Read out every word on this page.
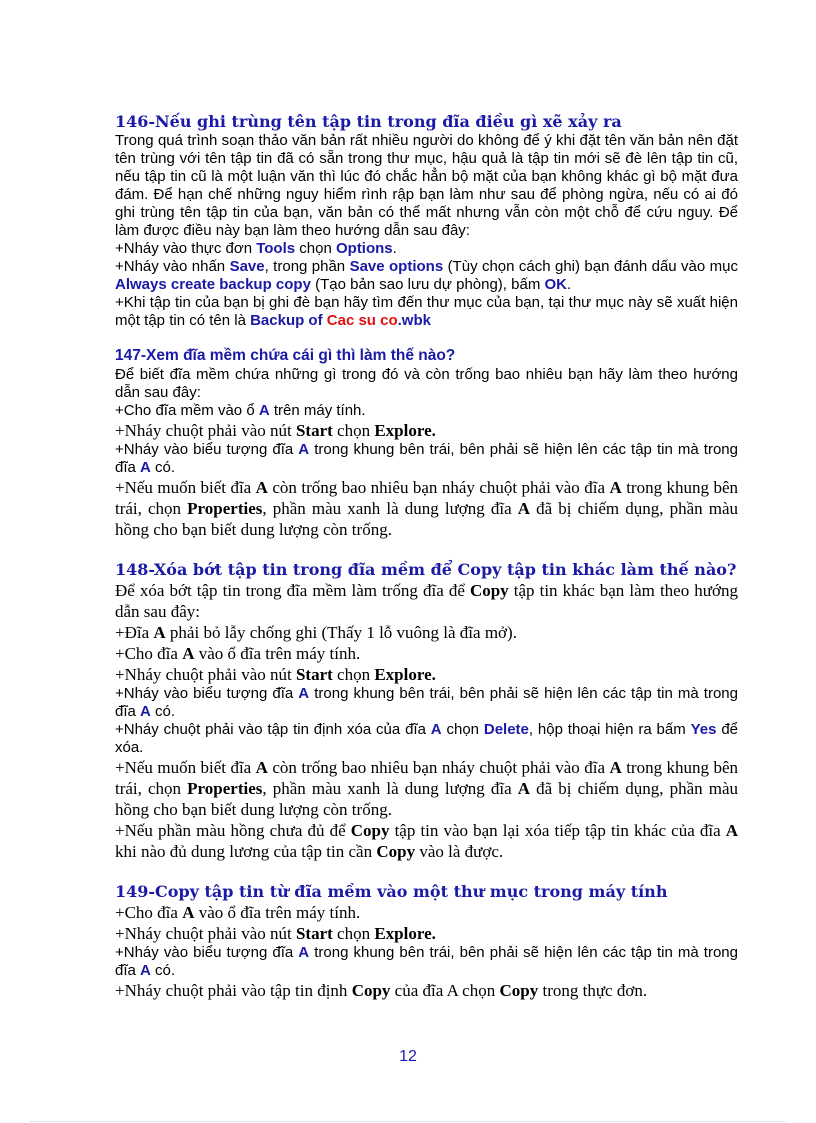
146-Nếu ghi trùng tên tập tin trong đĩa điều gì xẽ xảy ra

Trong quá trình soạn thảo văn bản rất nhiều người do không để ý khi đặt tên văn bản nên đặt tên trùng với tên tập tin đã có sẵn trong thư mục, hậu quả là tập tin mới sẽ đè lên tập tin cũ, nếu tập tin cũ là một luận văn thì lúc đó chắc hẳn bộ mặt của bạn không khác gì bộ mặt đưa đám. Để hạn chế những nguy hiểm rình rập bạn làm như sau để phòng ngừa, nếu có ai đó ghi trùng tên tập tin của bạn, văn bản có thể mất nhưng vẫn còn một chỗ để cứu nguy. Để làm được điều này bạn làm theo hướng dẫn sau đây:

+Nháy vào thực đơn Tools chọn Options.

+Nháy vào nhấn Save, trong phần Save options (Tùy chọn cách ghi) bạn đánh dấu vào mục Always create backup copy (Tạo bản sao lưu dự phòng), bấm OK.

+Khi tập tin của bạn bị ghi đè bạn hãy tìm đến thư mục của bạn, tại thư mục này sẽ xuất hiện một tập tin có tên là Backup of Cac su co.wbk

147-Xem đĩa mềm chứa cái gì thì làm thế nào?

Để biết đĩa mềm chứa những gì trong đó và còn trống bao nhiêu bạn hãy làm theo hướng dẫn sau đây:

+Cho đĩa mềm vào ổ A trên máy tính.

+Nháy chuột phải vào nút Start chọn Explore.

+Nháy vào biểu tượng đĩa A trong khung bên trái, bên phải sẽ hiện lên các tập tin mà trong đĩa A có.

+Nếu muốn biết đĩa A còn trống bao nhiêu bạn nháy chuột phải vào đĩa A trong khung bên trái, chọn Properties, phần màu xanh là dung lượng đĩa A đã bị chiếm dụng, phần màu hồng cho bạn biết dung lượng còn trống.

148-Xóa bớt tập tin trong đĩa mềm để Copy tập tin khác làm thế nào?

Để xóa bớt tập tin trong đĩa mềm làm trống đĩa để Copy tập tin khác bạn làm theo hướng dẫn sau đây:

+Đĩa A phải bỏ lẫy chống ghi (Thấy 1 lỗ vuông là đĩa mở).

+Cho đĩa A vào ổ đĩa trên máy tính.

+Nháy chuột phải vào nút Start chọn Explore.

+Nháy vào biểu tượng đĩa A trong khung bên trái, bên phải sẽ hiện lên các tập tin mà trong đĩa A có.

+Nháy chuột phải vào tập tin định xóa của đĩa A chọn Delete, hộp thoại hiện ra bấm Yes để xóa.

+Nếu muốn biết đĩa A còn trống bao nhiêu bạn nháy chuột phải vào đĩa A trong khung bên trái, chọn Properties, phần màu xanh là dung lượng đĩa A đã bị chiếm dụng, phần màu hồng cho bạn biết dung lượng còn trống.

+Nếu phần màu hồng chưa đủ để Copy tập tin vào bạn lại xóa tiếp tập tin khác của đĩa A khi nào đủ dung lương của tập tin cần Copy vào là được.

149-Copy tập tin từ đĩa mềm vào một thư mục trong máy tính

+Cho đĩa A vào ổ đĩa trên máy tính.

+Nháy chuột phải vào nút Start chọn Explore.

+Nháy vào biểu tượng đĩa A trong khung bên trái, bên phải sẽ hiện lên các tập tin mà trong đĩa A có.

+Nháy chuột phải vào tập tin định Copy của đĩa A chọn Copy trong thực đơn.

12
